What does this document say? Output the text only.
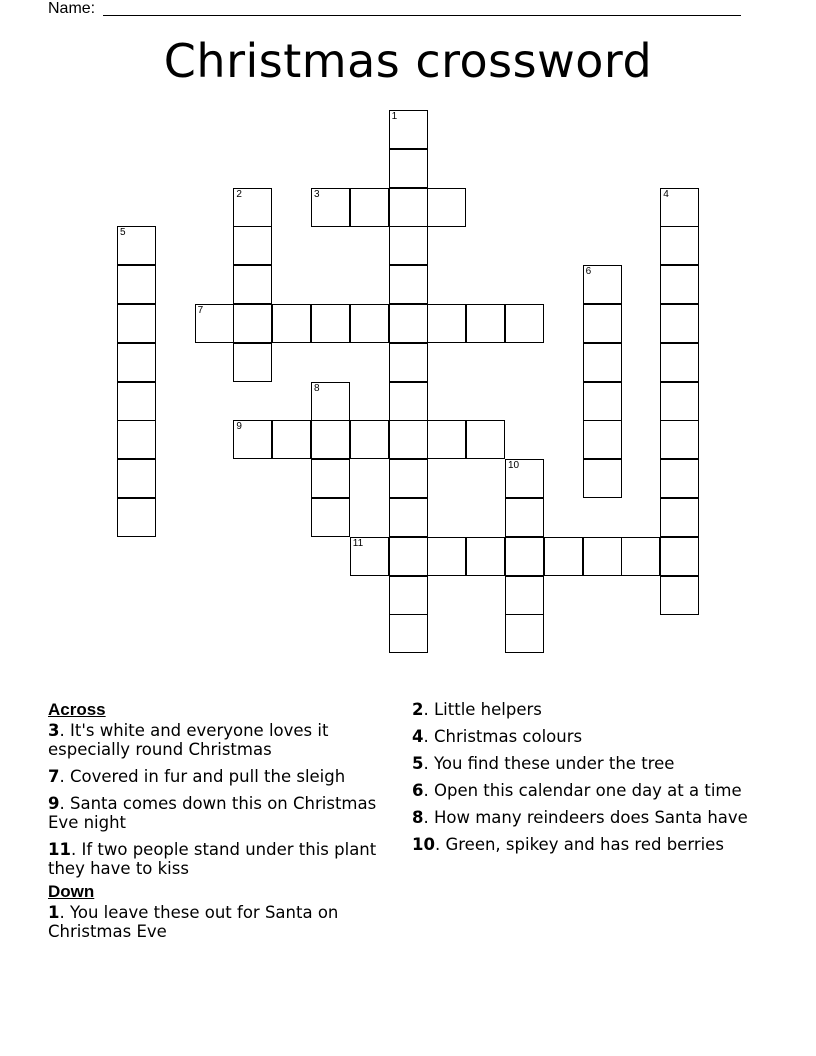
Name:
Christmas crossword
1
2	3	4
5
6
7
8
9
10
11
Across
3. It's white and everyone loves it especially round Christmas
7. Covered in fur and pull the sleigh
9. Santa comes down this on Christmas Eve night
11. If two people stand under this plant they have to kiss
Down
1. You leave these out for Santa on Christmas Eve
2. Little helpers
4. Christmas colours
5. You find these under the tree
6. Open this calendar one day at a time
8. How many reindeers does Santa have
10. Green, spikey and has red berries
